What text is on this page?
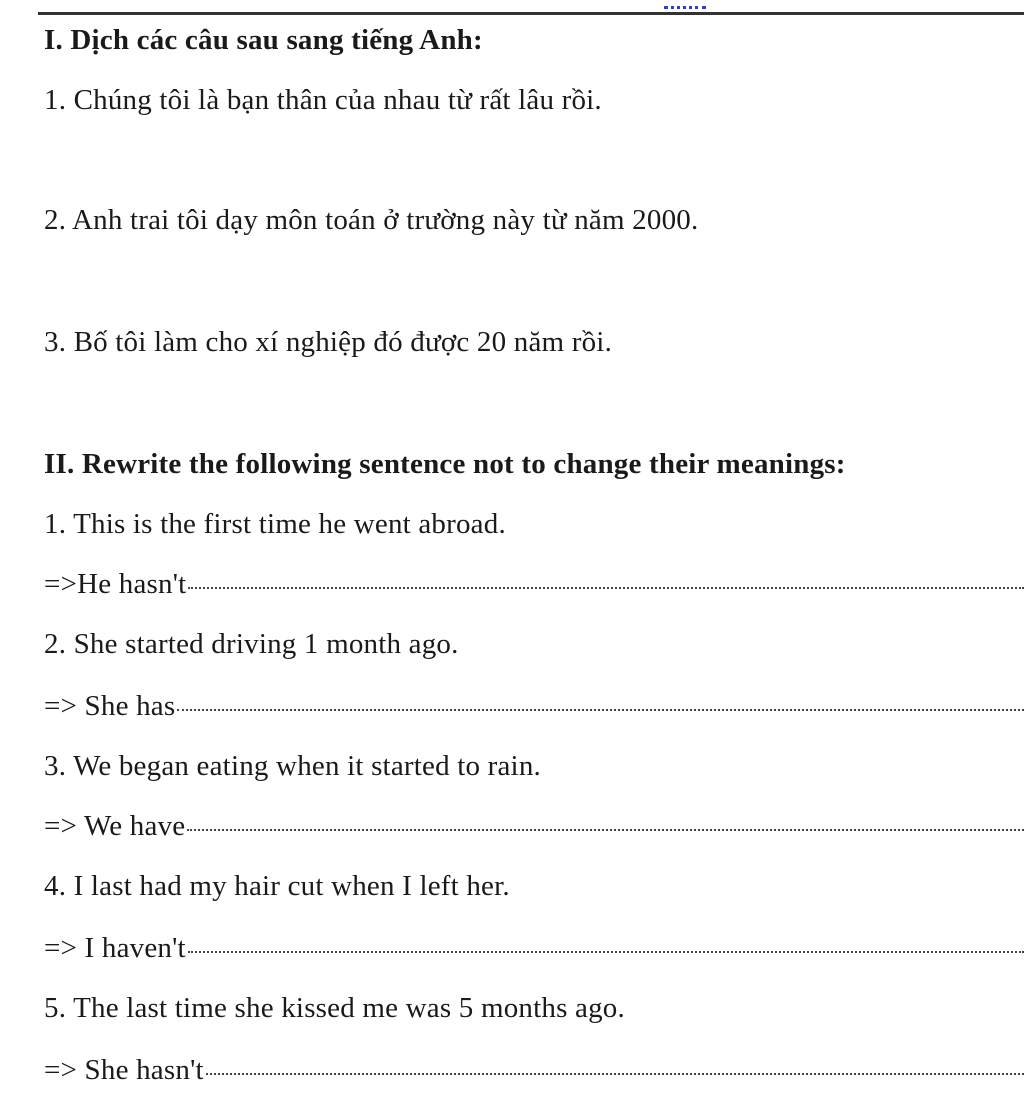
I. Dịch các câu sau sang tiếng Anh:
1. Chúng tôi là bạn thân của nhau từ rất lâu rồi.
2. Anh trai tôi dạy môn toán ở trường này từ năm 2000.
3. Bố tôi làm cho xí nghiệp đó được 20 năm rồi.
II. Rewrite the following sentence not to change their meanings:
1. This is the first time he went abroad.
=>He hasn't
2. She started driving 1 month ago.
=> She has
3. We began eating when it started to rain.
=> We have
4. I last had my hair cut when I left her.
=> I haven't
5. The last time she kissed me was 5 months ago.
=> She hasn't
